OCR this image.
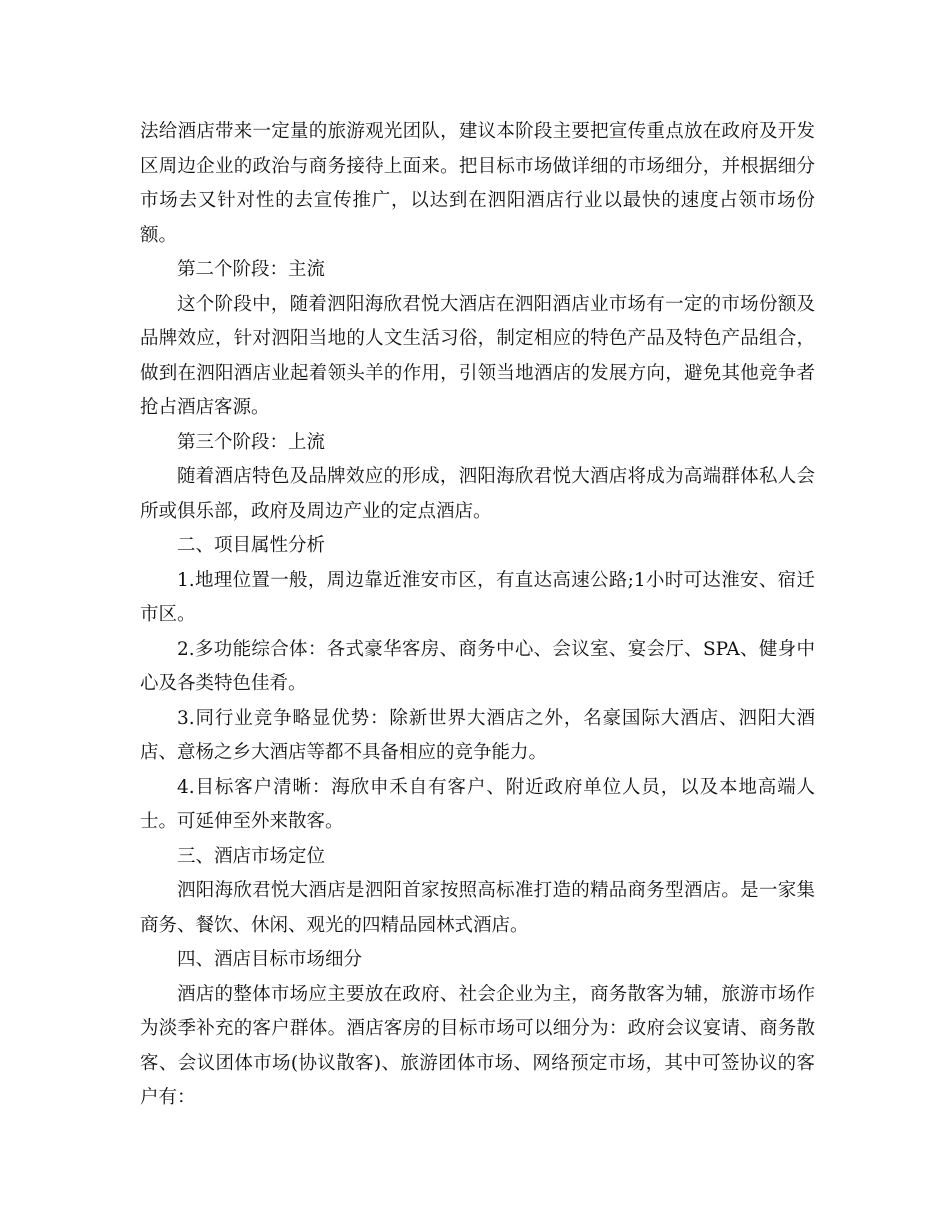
法给酒店带来一定量的旅游观光团队，建议本阶段主要把宣传重点放在政府及开发区周边企业的政治与商务接待上面来。把目标市场做详细的市场细分，并根据细分市场去又针对性的去宣传推广，以达到在泗阳酒店行业以最快的速度占领市场份额。

第二个阶段：主流

这个阶段中，随着泗阳海欣君悦大酒店在泗阳酒店业市场有一定的市场份额及品牌效应，针对泗阳当地的人文生活习俗，制定相应的特色产品及特色产品组合，做到在泗阳酒店业起着领头羊的作用，引领当地酒店的发展方向，避免其他竞争者抢占酒店客源。

第三个阶段：上流

随着酒店特色及品牌效应的形成，泗阳海欣君悦大酒店将成为高端群体私人会所或俱乐部，政府及周边产业的定点酒店。

二、项目属性分析

1.地理位置一般，周边靠近淮安市区，有直达高速公路;1小时可达淮安、宿迁市区。

2.多功能综合体：各式豪华客房、商务中心、会议室、宴会厅、SPA、健身中心及各类特色佳肴。

3.同行业竞争略显优势：除新世界大酒店之外，名豪国际大酒店、泗阳大酒店、意杨之乡大酒店等都不具备相应的竞争能力。

4.目标客户清晰：海欣申禾自有客户、附近政府单位人员，以及本地高端人士。可延伸至外来散客。

三、酒店市场定位

泗阳海欣君悦大酒店是泗阳首家按照高标准打造的精品商务型酒店。是一家集商务、餐饮、休闲、观光的四精品园林式酒店。

四、酒店目标市场细分

酒店的整体市场应主要放在政府、社会企业为主，商务散客为辅，旅游市场作为淡季补充的客户群体。酒店客房的目标市场可以细分为：政府会议宴请、商务散客、会议团体市场(协议散客)、旅游团体市场、网络预定市场，其中可签协议的客户有：
